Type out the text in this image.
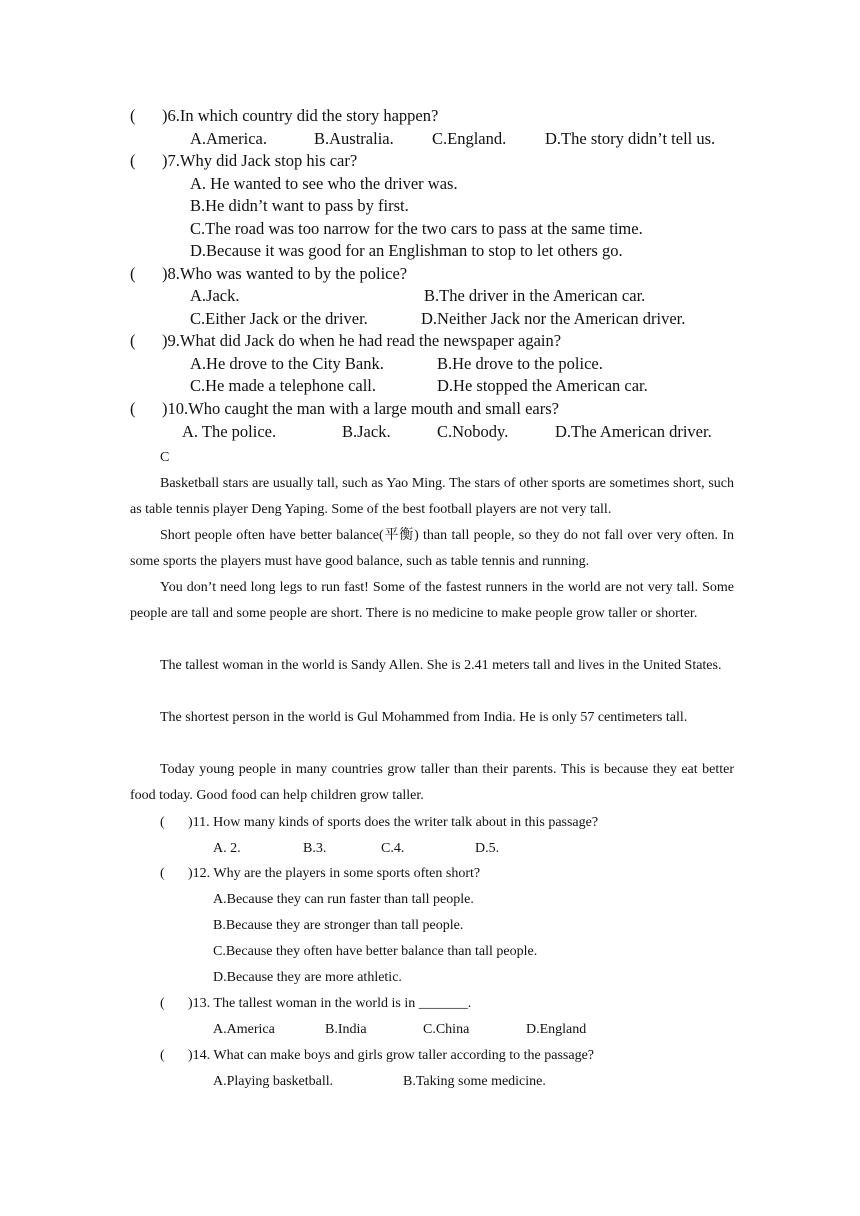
( )6.In which country did the story happen?
A.America.	B.Australia. C.England. D.The story didn’t tell us.
( )7.Why did Jack stop his car?
A. He wanted to see who the driver was.
B.He didn’t want to pass by first.
C.The road was too narrow for the two cars to pass at the same time.
D.Because it was good for an Englishman to stop to let others go.
( )8.Who was wanted to by the police?
A.Jack.	B.The driver in the American car.
C.Either Jack or the driver.	D.Neither Jack nor the American driver.
( )9.What did Jack do when he had read the newspaper again?
A.He drove to the City Bank.	B.He drove to the police.
C.He made a telephone call.	D.He stopped the American car.
( )10.Who caught the man with a large mouth and small ears?
A. The police.	B.Jack.	C.Nobody.	D.The American driver.
C
Basketball stars are usually tall, such as Yao Ming. The stars of other sports are sometimes short, such as table tennis player Deng Yaping. Some of the best football players are not very tall.
Short people often have better balance(平衡) than tall people, so they do not fall over very often. In some sports the players must have good balance, such as table tennis and running.
You don’t need long legs to run fast! Some of the fastest runners in the world are not very tall. Some people are tall and some people are short. There is no medicine to make people grow taller or shorter.
The tallest woman in the world is Sandy Allen. She is 2.41 meters tall and lives in the United States.
The shortest person in the world is Gul Mohammed from India. He is only 57 centimeters tall.
Today young people in many countries grow taller than their parents. This is because they eat better food today. Good food can help children grow taller.
( )11. How many kinds of sports does the writer talk about in this passage?
A. 2.	B.3.	C.4.	D.5.
( )12. Why are the players in some sports often short?
A.Because they can run faster than tall people.
B.Because they are stronger than tall people.
C.Because they often have better balance than tall people.
D.Because they are more athletic.
( )13. The tallest woman in the world is in _______.
A.America	B.India	C.China	D.England
( )14. What can make boys and girls grow taller according to the passage?
A.Playing basketball.	B.Taking some medicine.
